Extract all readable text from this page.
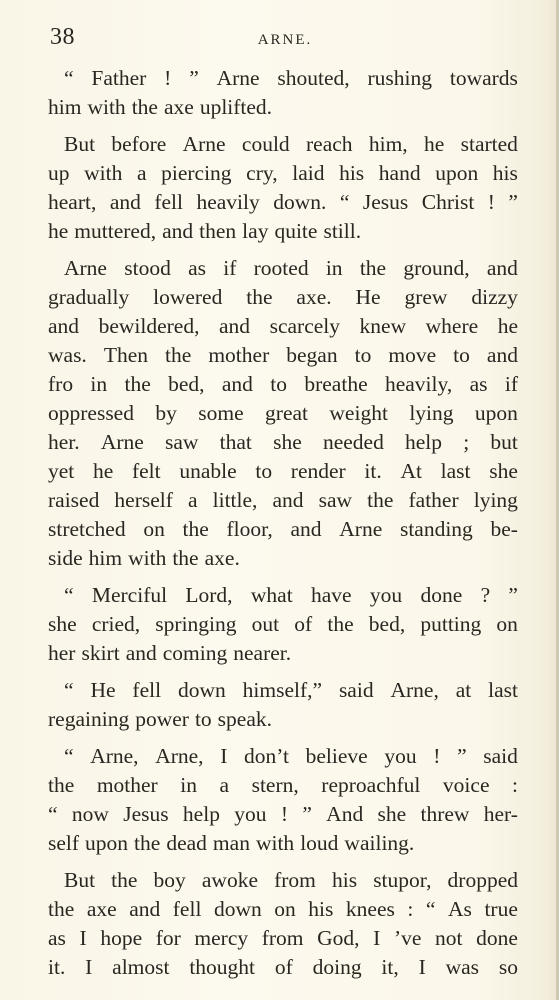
38	ARNE.
“ Father ! ” Arne shouted, rushing towards
him with the axe uplifted.
But before Arne could reach him, he started
up with a piercing cry, laid his hand upon his
heart, and fell heavily down. “ Jesus Christ ! ”
he muttered, and then lay quite still.
Arne stood as if rooted in the ground, and
gradually lowered the axe. He grew dizzy
and bewildered, and scarcely knew where he
was. Then the mother began to move to and
fro in the bed, and to breathe heavily, as if
oppressed by some great weight lying upon
her. Arne saw that she needed help ; but
yet he felt unable to render it. At last she
raised herself a little, and saw the father lying
stretched on the floor, and Arne standing be-
side him with the axe.
“ Merciful Lord, what have you done ? ”
she cried, springing out of the bed, putting on
her skirt and coming nearer.
“ He fell down himself,” said Arne, at last
regaining power to speak.
“ Arne, Arne, I don’t believe you ! ” said
the mother in a stern, reproachful voice :
“ now Jesus help you ! ” And she threw her-
self upon the dead man with loud wailing.
But the boy awoke from his stupor, dropped
the axe and fell down on his knees : “ As true
as I hope for mercy from God, I ’ve not done
it. I almost thought of doing it, I was so
